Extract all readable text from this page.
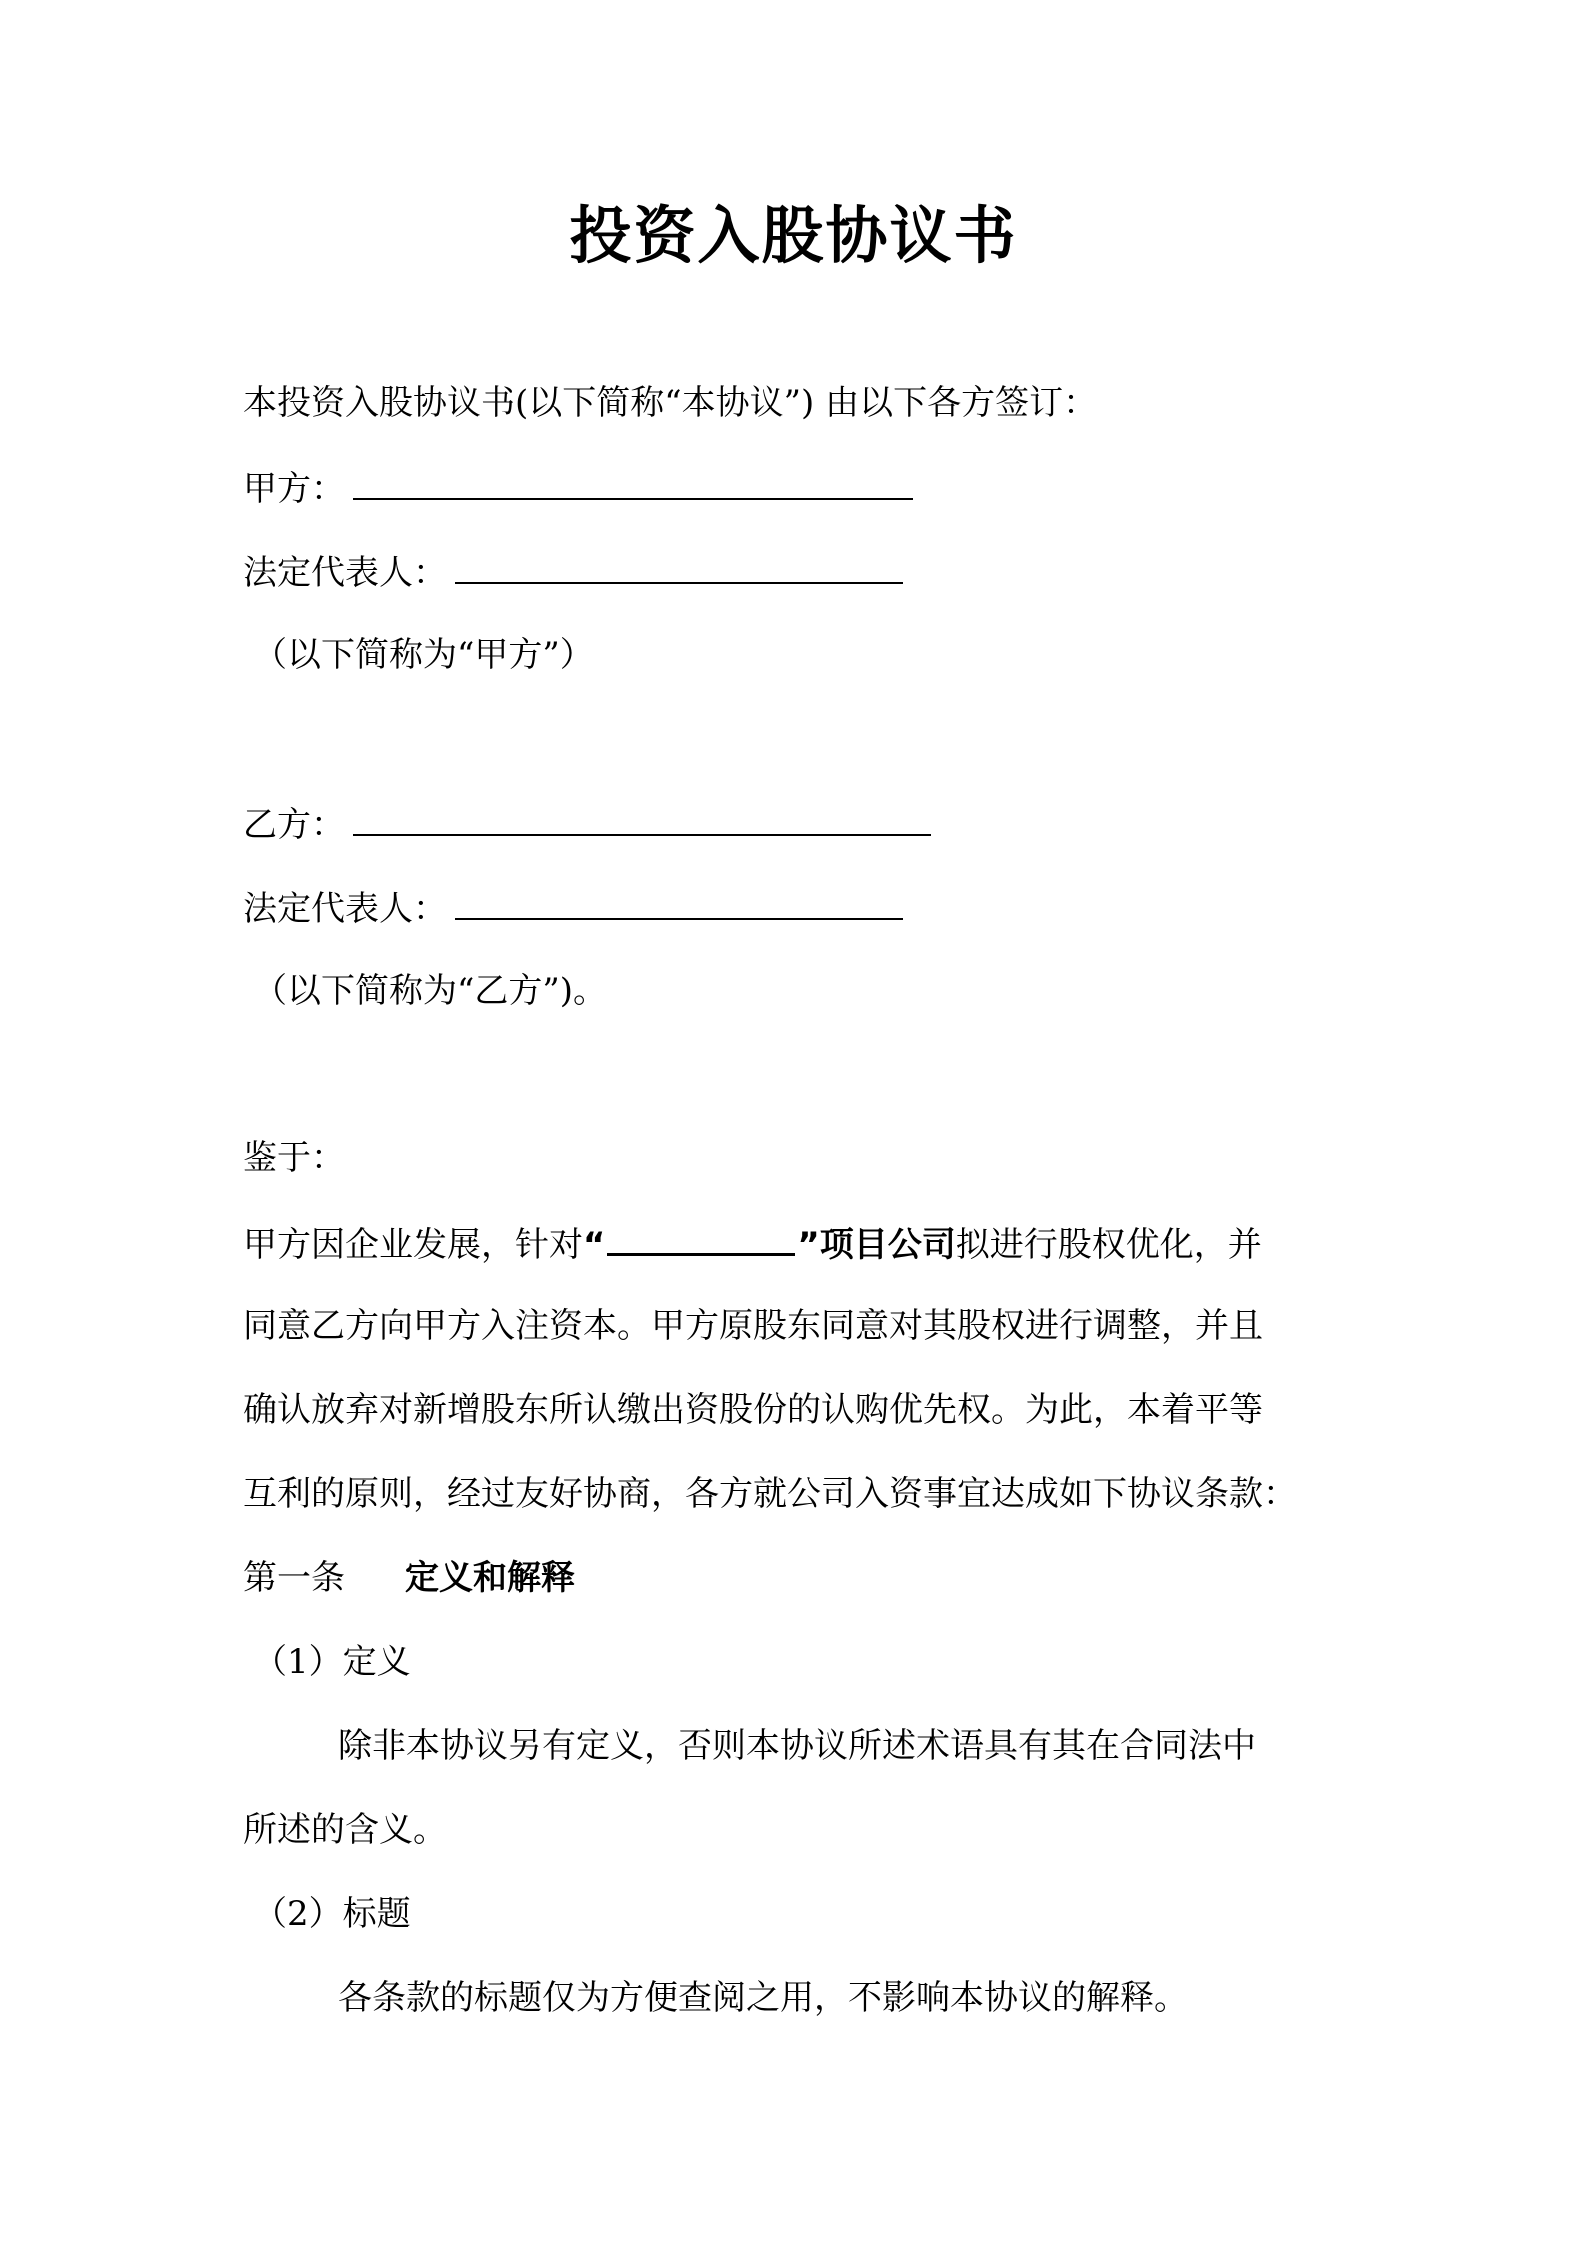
投资入股协议书
本投资入股协议书(以下简称“本协议”) 由以下各方签订：
甲方：
法定代表人：
（以下简称为“甲方”）
乙方：
法定代表人：
（以下简称为“乙方”)。
鉴于：
甲方因企业发展，针对“	”项目公司拟进行股权优化，并
同意乙方向甲方入注资本。甲方原股东同意对其股权进行调整，并且
确认放弃对新增股东所认缴出资股份的认购优先权。为此，本着平等
互利的原则，经过友好协商，各方就公司入资事宜达成如下协议条款：
第一条 定义和解释
（1）定义
除非本协议另有定义，否则本协议所述术语具有其在合同法中
所述的含义。
（2）标题
各条款的标题仅为方便查阅之用，不影响本协议的解释。
